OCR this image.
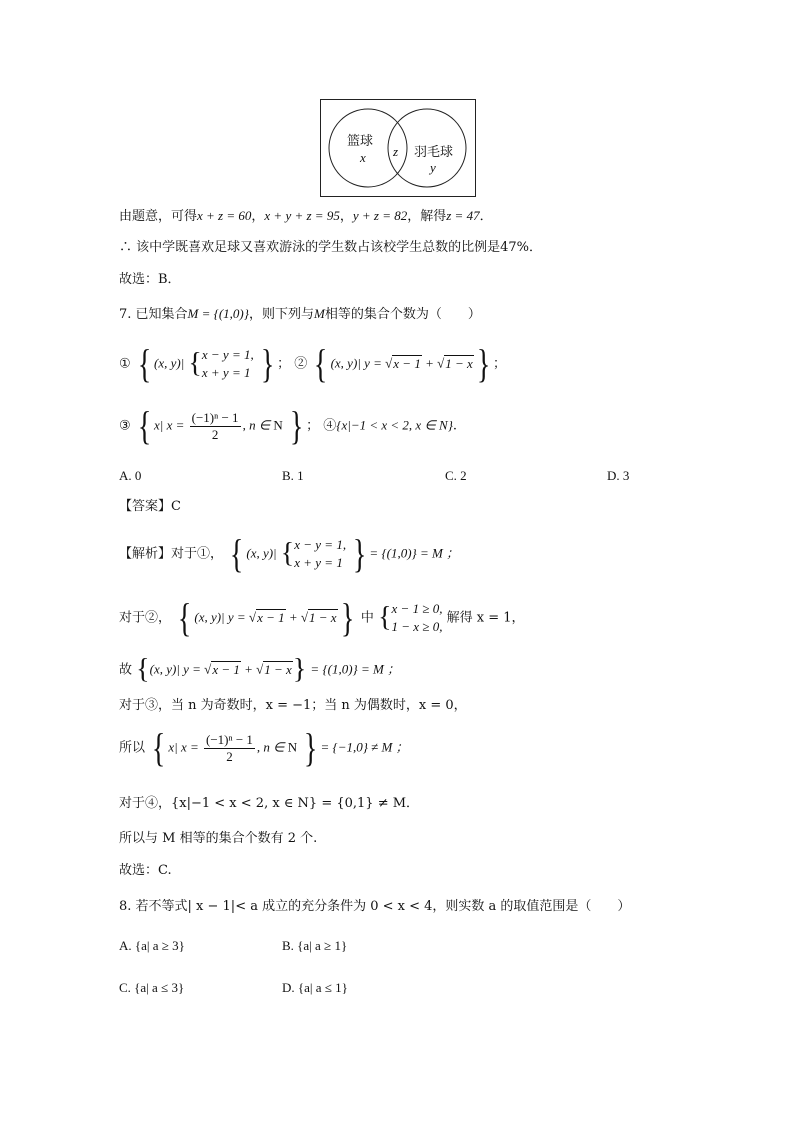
篮球
x z 羽毛球
y
由题意，可得x + z = 60，x + y + z = 95，y + z = 82，解得z = 47．
∴ 该中学既喜欢足球又喜欢游泳的学生数占该校学生总数的比例是47%．
故选：B．
7. 已知集合M = {(1,0)}，则下列与M相等的集合个数为（　　）
① { (x, y)| { x − y = 1,
x + y = 1 } ； ② { (x, y)| y = √x − 1 + √1 − x} ；
③ { x| $x = \frac{\text{(−1)ⁿ − 1}}{2}$ , n ∈ N } ； ④{x|−1 < x < 2, x ∈ N}.
A. 0	B. 1	C. 2	D. 3
【答案】C
【解析】对于①， { (x, y)| { x − y = 1,
x + y = 1 } = {(1,0)} = M ；
对于②， { (x, y)| y = √x − 1 + √1 − x} 中 { x − 1 ≥ 0,
1 − x ≥ 0,
解得 x = 1，
故 {(x, y)| y = √x − 1 + √1 − x} = {(1,0)} = M ；
对于③，当 n 为奇数时，x = −1；当 n 为偶数时，x = 0，
所以 { x| $x = \frac{\text{(−1)ⁿ − 1}}{2}$ , n ∈ N } = {−1,0} ≠ M ；
对于④，{x|−1 < x < 2, x ∈ N} = {0,1} ≠ M．
所以与 M 相等的集合个数有 2 个.
故选：C.
8. 若不等式| x − 1|< a 成立的充分条件为 0 < x < 4，则实数 a 的取值范围是（　　）
A. {a| a ≥ 3}	B. {a| a ≥ 1}
C. {a| a ≤ 3}	D. {a| a ≤ 1}
